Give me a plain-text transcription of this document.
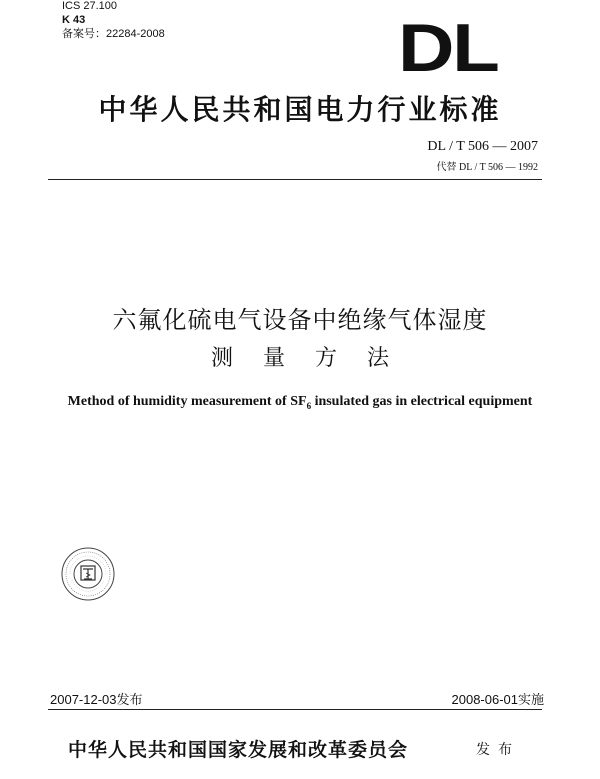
ICS 27.100
K 43
备案号：22284-2008	DL
中华人民共和国电力行业标准
DL / T 506 — 2007
代替 DL / T 506 — 1992
六氟化硫电气设备中绝缘气体湿度
测量方法
Method of humidity measurement of $SF_6$ insulated gas in electrical equipment
2007-12-03发布	2008-06-01实施
中华人民共和国国家发展和改革委员会	发布
